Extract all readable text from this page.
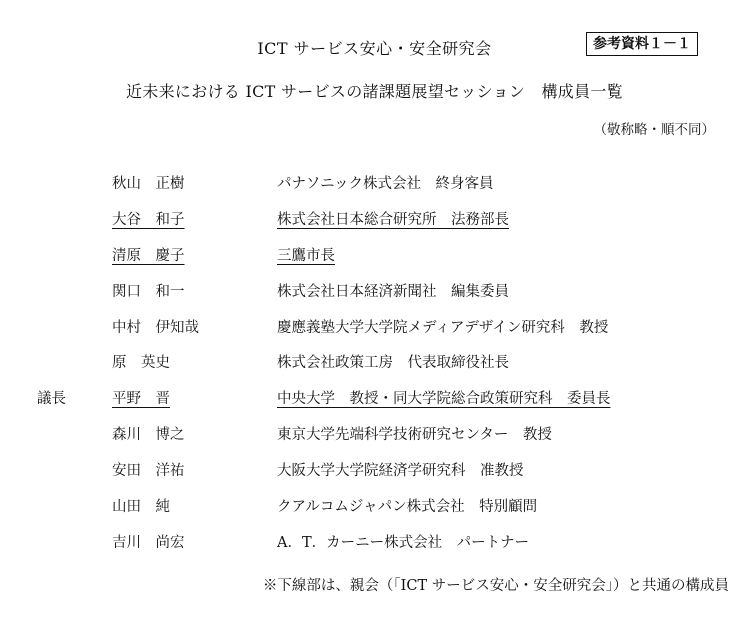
ICT サービス安心・安全研究会	参考資料１－１
近未来における ICT サービスの諸課題展望セッション　構成員一覧
（敬称略・順不同）
秋山　正樹	パナソニック株式会社　終身客員
大谷　和子	株式会社日本総合研究所　法務部長
清原　慶子	三鷹市長
関口　和一	株式会社日本経済新聞社　編集委員
中村　伊知哉	慶應義塾大学大学院メディアデザイン研究科　教授
原　英史	株式会社政策工房　代表取締役社長
議長	平野　晋	中央大学　教授・同大学院総合政策研究科　委員長
森川　博之	東京大学先端科学技術研究センター　教授
安田　洋祐	大阪大学大学院経済学研究科　准教授
山田　純	クアルコムジャパン株式会社　特別顧問
吉川　尚宏	A．T．カーニー株式会社　パートナー
※下線部は、親会（「ICT サービス安心・安全研究会」）と共通の構成員
